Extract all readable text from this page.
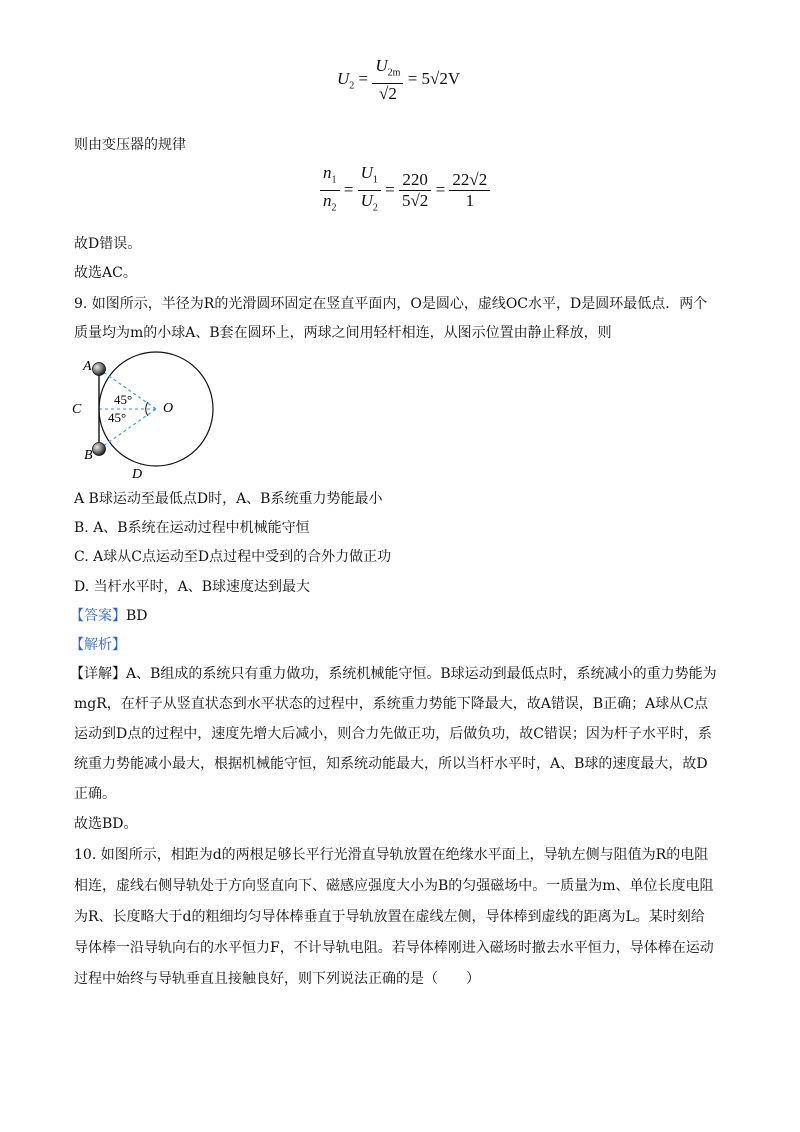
$U_2 = \frac{U_{2m}}{√2} = 5√2V$
则由变压器的规律
$\frac{n_1}{n_2} = \frac{U_1}{U_2} = \frac{220}{5√2} = \frac{22√2}{1}$
故D错误。
故选AC。
9. 如图所示，半径为R的光滑圆环固定在竖直平面内，O是圆心，虚线OC水平，D是圆环最低点．两个
质量均为m的小球A、B套在圆环上，两球之间用轻杆相连，从图示位置由静止释放，则
A
B
C	O
D
45°
45°
A B球运动至最低点D时，A、B系统重力势能最小
B. A、B系统在运动过程中机械能守恒
C. A球从C点运动至D点过程中受到的合外力做正功
D. 当杆水平时，A、B球速度达到最大
【答案】BD
【解析】
【详解】A、B组成的系统只有重力做功，系统机械能守恒。B球运动到最低点时，系统减小的重力势能为
mgR，在杆子从竖直状态到水平状态的过程中，系统重力势能下降最大，故A错误，B正确；A球从C点
运动到D点的过程中，速度先增大后减小，则合力先做正功，后做负功，故C错误；因为杆子水平时，系
统重力势能减小最大，根据机械能守恒，知系统动能最大，所以当杆水平时，A、B球的速度最大，故D
正确。
故选BD。
10. 如图所示，相距为d的两根足够长平行光滑直导轨放置在绝缘水平面上，导轨左侧与阻值为R的电阻
相连，虚线右侧导轨处于方向竖直向下、磁感应强度大小为B的匀强磁场中。一质量为m、单位长度电阻
为R、长度略大于d的粗细均匀导体棒垂直于导轨放置在虚线左侧，导体棒到虚线的距离为L。某时刻给
导体棒一沿导轨向右的水平恒力F，不计导轨电阻。若导体棒刚进入磁场时撤去水平恒力，导体棒在运动
过程中始终与导轨垂直且接触良好，则下列说法正确的是（　　）
